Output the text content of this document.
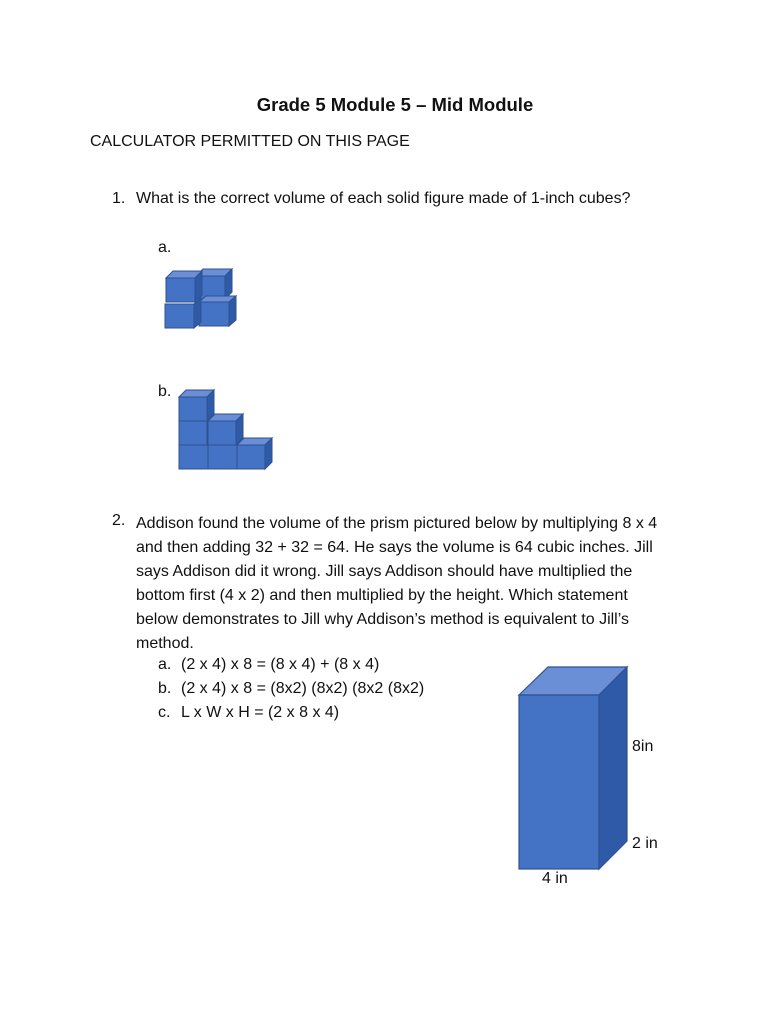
Grade 5 Module 5 – Mid Module
CALCULATOR PERMITTED ON THIS PAGE
1. What is the correct volume of each solid figure made of 1-inch cubes?
a.
b.
2. Addison found the volume of the prism pictured below by multiplying 8 x 4
and then adding 32 + 32 = 64. He says the volume is 64 cubic inches. Jill
says Addison did it wrong. Jill says Addison should have multiplied the
bottom first (4 x 2) and then multiplied by the height. Which statement
below demonstrates to Jill why Addison’s method is equivalent to Jill’s
method.
a. (2 x 4) x 8 = (8 x 4) + (8 x 4)
b. (2 x 4) x 8 = (8x2) (8x2) (8x2 (8x2)
c. L x W x H = (2 x 8 x 4)
8in
2 in
4 in
